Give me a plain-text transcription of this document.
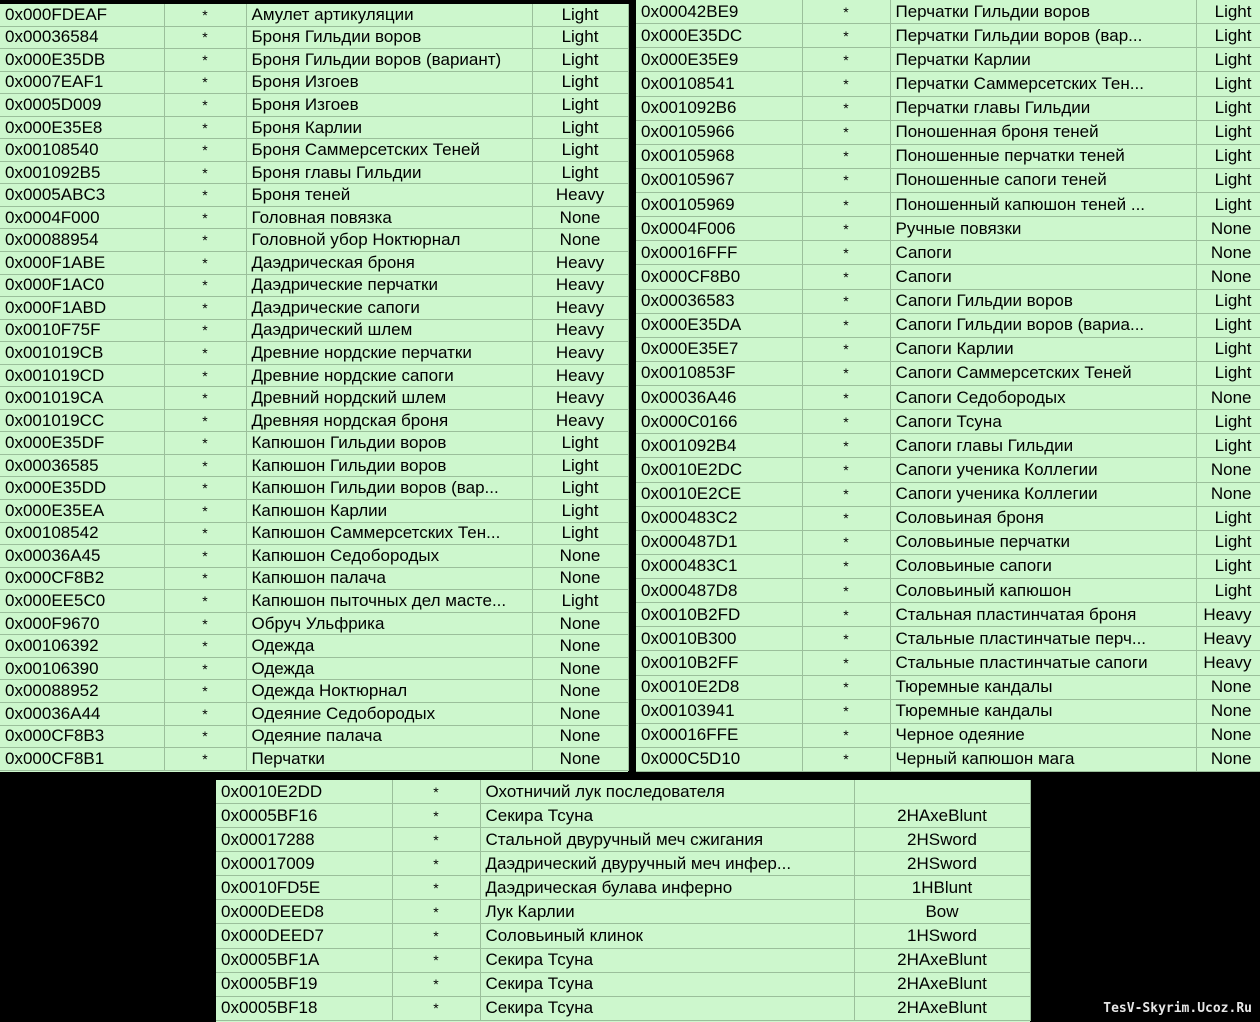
0x000FDEAF	*	Амулет артикуляции	Light
0x00036584	*	Броня Гильдии воров	Light
0x000E35DB	*	Броня Гильдии воров (вариант)	Light
0x0007EAF1	*	Броня Изгоев	Light
0x0005D009	*	Броня Изгоев	Light
0x000E35E8	*	Броня Карлии	Light
0x00108540	*	Броня Саммерсетских Теней	Light
0x001092B5	*	Броня главы Гильдии	Light
0x0005ABC3	*	Броня теней	Heavy
0x0004F000	*	Головная повязка	None
0x00088954	*	Головной убор Ноктюрнал	None
0x000F1ABE	*	Даэдрическая броня	Heavy
0x000F1AC0	*	Даэдрические перчатки	Heavy
0x000F1ABD	*	Даэдрические сапоги	Heavy
0x0010F75F	*	Даэдрический шлем	Heavy
0x001019CB	*	Древние нордские перчатки	Heavy
0x001019CD	*	Древние нордские сапоги	Heavy
0x001019CA	*	Древний нордский шлем	Heavy
0x001019CC	*	Древняя нордская броня	Heavy
0x000E35DF	*	Капюшон Гильдии воров	Light
0x00036585	*	Капюшон Гильдии воров	Light
0x000E35DD	*	Капюшон Гильдии воров (вар...	Light
0x000E35EA	*	Капюшон Карлии	Light
0x00108542	*	Капюшон Саммерсетских Тен...	Light
0x00036A45	*	Капюшон Седобородых	None
0x000CF8B2	*	Капюшон палача	None
0x000EE5C0	*	Капюшон пыточных дел масте...	Light
0x000F9670	*	Обруч Ульфрика	None
0x00106392	*	Одежда	None
0x00106390	*	Одежда	None
0x00088952	*	Одежда Ноктюрнал	None
0x00036A44	*	Одеяние Седобородых	None
0x000CF8B3	*	Одеяние палача	None
0x000CF8B1	*	Перчатки	None
0x00042BE9	*	Перчатки Гильдии воров	Light
0x000E35DC	*	Перчатки Гильдии воров (вар...	Light
0x000E35E9	*	Перчатки Карлии	Light
0x00108541	*	Перчатки Саммерсетских Тен...	Light
0x001092B6	*	Перчатки главы Гильдии	Light
0x00105966	*	Поношенная броня теней	Light
0x00105968	*	Поношенные перчатки теней	Light
0x00105967	*	Поношенные сапоги теней	Light
0x00105969	*	Поношенный капюшон теней ...	Light
0x0004F006	*	Ручные повязки	None
0x00016FFF	*	Сапоги	None
0x000CF8B0	*	Сапоги	None
0x00036583	*	Сапоги Гильдии воров	Light
0x000E35DA	*	Сапоги Гильдии воров (вариа...	Light
0x000E35E7	*	Сапоги Карлии	Light
0x0010853F	*	Сапоги Саммерсетских Теней	Light
0x00036A46	*	Сапоги Седобородых	None
0x000C0166	*	Сапоги Тсуна	Light
0x001092B4	*	Сапоги главы Гильдии	Light
0x0010E2DC	*	Сапоги ученика Коллегии	None
0x0010E2CE	*	Сапоги ученика Коллегии	None
0x000483C2	*	Соловьиная броня	Light
0x000487D1	*	Соловьиные перчатки	Light
0x000483C1	*	Соловьиные сапоги	Light
0x000487D8	*	Соловьиный капюшон	Light
0x0010B2FD	*	Стальная пластинчатая броня	Heavy
0x0010B300	*	Стальные пластинчатые перч...	Heavy
0x0010B2FF	*	Стальные пластинчатые сапоги	Heavy
0x0010E2D8	*	Тюремные кандалы	None
0x00103941	*	Тюремные кандалы	None
0x00016FFE	*	Черное одеяние	None
0x000C5D10	*	Черный капюшон мага	None
0x0010E2DD	*	Охотничий лук последователя	
0x0005BF16	*	Секира Тсуна	2HAxeBlunt
0x00017288	*	Стальной двуручный меч сжигания	2HSword
0x00017009	*	Даэдрический двуручный меч инфер...	2HSword
0x0010FD5E	*	Даэдрическая булава инферно	1HBlunt
0x000DEED8	*	Лук Карлии	Bow
0x000DEED7	*	Соловьиный клинок	1HSword
0x0005BF1A	*	Секира Тсуна	2HAxeBlunt
0x0005BF19	*	Секира Тсуна	2HAxeBlunt
0x0005BF18	*	Секира Тсуна	2HAxeBlunt	TesV-Skyrim.Ucoz.Ru
